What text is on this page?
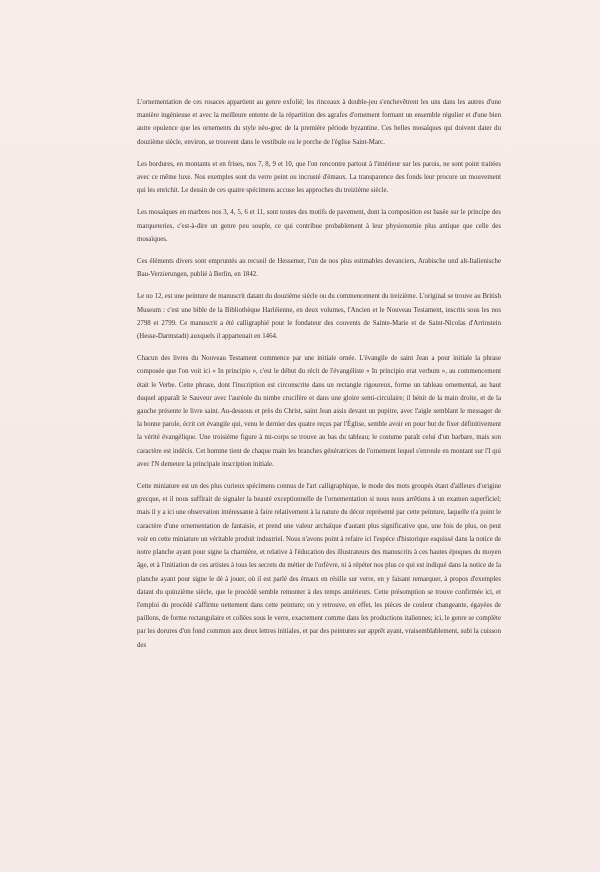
L'ornementation de ces rosaces appartient au genre exfolié; les rinceaux à double-jeu s'enchevêtrent les uns dans les autres d'une manière ingénieuse et avec la meilleure entente de la répartition des agrafes d'ornement formant un ensemble régulier et d'une bien autre opulence que les ornements du style néo-grec de la première période byzantine. Ces belles mosaïques qui doivent dater du douzième siècle, environ, se trouvent dans le vestibule ou le porche de l'église Saint-Marc.

Les bordures, en montants et en frises, nos 7, 8, 9 et 10, que l'on rencontre partout à l'intérieur sur les parois, ne sont point traitées avec ce même luxe. Nos exemples sont du verre peint ou incrusté d'émaux. La transparence des fonds leur procure un mouvement qui les enrichit. Le dessin de ces quatre spécimens accuse les approches du treizième siècle.

Les mosaïques en marbres nos 3, 4, 5, 6 et 11, sont toutes des motifs de pavement, dont la composition est basée sur le principe des marqueteries, c'est-à-dire un genre peu souple, ce qui contribue probablement à leur physionomie plus antique que celle des mosaïques.

Ces éléments divers sont empruntés au recueil de Hessemer, l'un de nos plus estimables devanciers, Arabische und alt-Italienische Bau-Verzierungen, publié à Berlin, en 1842.

Le no 12, est une peinture de manuscrit datant du douzième siècle ou du commencement du treizième. L'original se trouve au British Museum : c'est une bible de la Bibliothèque Harléienne, en deux volumes, l'Ancien et le Nouveau Testament, inscrits sous les nos 2798 et 2799. Ce manuscrit a été calligraphié pour le fondateur des couvents de Sainte-Marie et de Saint-Nicolas d'Arrinstein (Hesse-Darmstadt) auxquels il appartenait en 1464.

Chacun des livres du Nouveau Testament commence par une initiale ornée. L'évangile de saint Jean a pour initiale la phrase composée que l'on voit ici « In principio », c'est le début du récit de l'évangéliste « In principio erat verbum », au commencement était le Verbe. Cette phrase, dont l'inscription est circonscrite dans un rectangle rigoureux, forme un tableau ornemental, au haut duquel apparaît le Sauveur avec l'auréole du nimbe crucifère et dans une gloire semi-circulaire; il bénit de la main droite, et de la gauche présente le livre saint. Au-dessous et près du Christ, saint Jean assis devant un pupitre, avec l'aigle semblant le messager de la bonne parole, écrit cet évangile qui, venu le dernier des quatre reçus par l'Église, semble avoir en pour but de fixer définitivement la vérité évangélique. Une troisième figure à mi-corps se trouve au bas du tableau; le costume paraît celui d'un barbare, mais son caractère est indécis. Cet homme tient de chaque main les branches génératrices de l'ornement lequel s'enroule en montant sur l'I qui avec l'N demeure la principale inscription initiale.

Cette miniature est un des plus curieux spécimens connus de l'art calligraphique, le mode des mots groupés étant d'ailleurs d'origine grecque, et il nous suffirait de signaler la beauté exceptionnelle de l'ornementation si nous nous arrêtions à un examen superficiel; mais il y a ici une observation intéressante à faire relativement à la nature du décor représenté par cette peinture, laquelle n'a point le caractère d'une ornementation de fantaisie, et prend une valeur archaïque d'autant plus significative que, une fois de plus, on peut voir en cette miniature un véritable produit industriel. Nous n'avons point à refaire ici l'espèce d'historique esquissé dans la notice de notre planche ayant pour signe la charnière, et relative à l'éducation des illustrateurs des manuscrits à ces hautes époques du moyen âge, et à l'initiation de ces artistes à tous les secrets du métier de l'orfèvre, ni à répéter nos plus ce qui est indiqué dans la notice de la planche ayant pour signe le dé à jouer, où il est parlé des émaux en résille sur verre, en y faisant remarquer, à propos d'exemples datant du quinzième siècle, que le procédé semble remonter à des temps antérieurs. Cette présomption se trouve confirmée ici, et l'emploi du procédé s'affirme nettement dans cette peinture; on y retrouve, en effet, les pièces de couleur changeante, égayées de paillons, de forme rectangulaire et collées sous le verre, exactement comme dans les productions italiennes; ici, le genre se complète par les dorures d'un fond commun aux deux lettres initiales, et par des peintures sur apprêt ayant, vraisemblablement, subi la cuisson des
